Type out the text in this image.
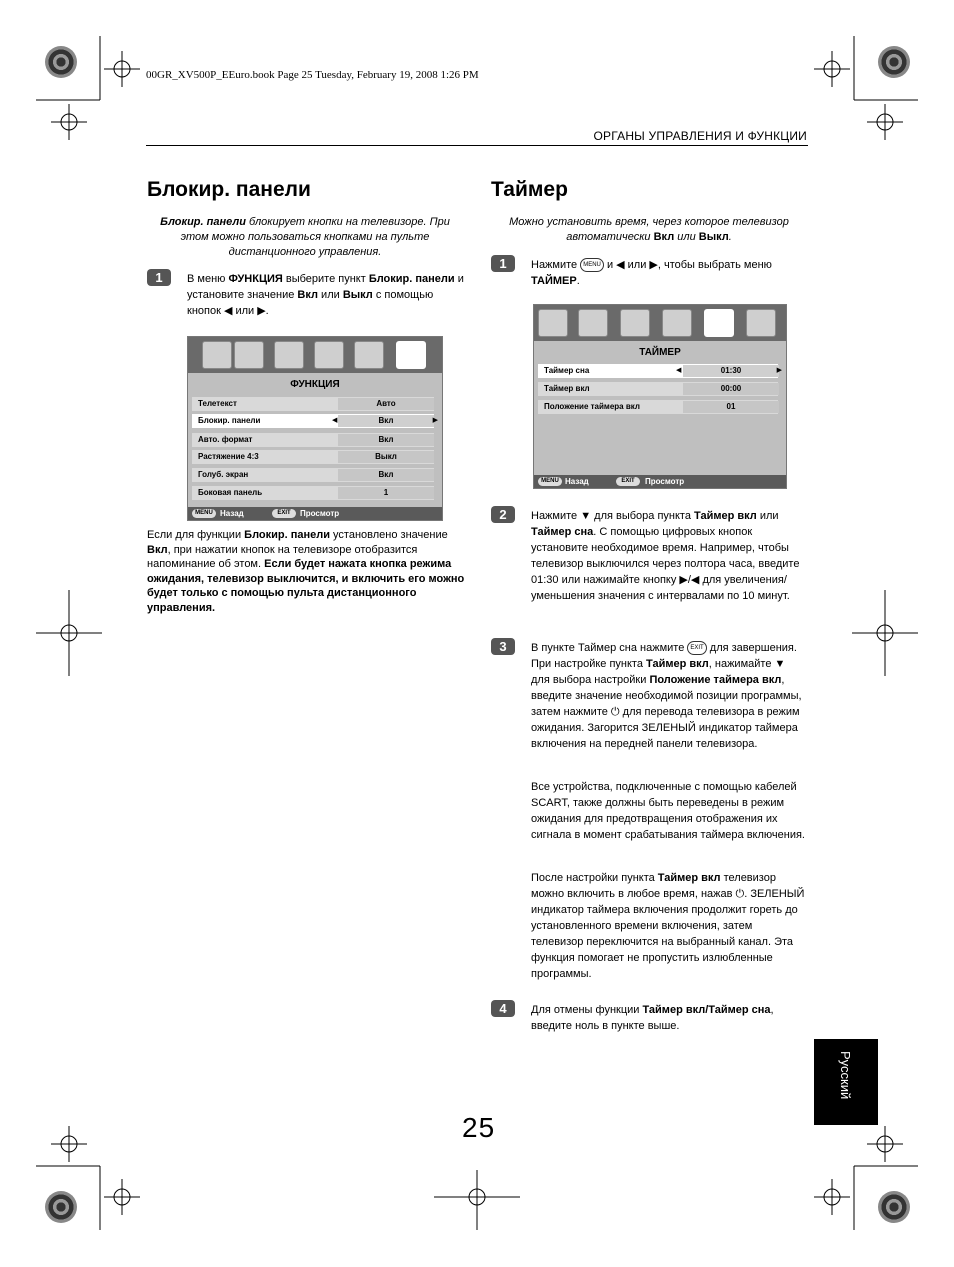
00GR_XV500P_EEuro.book Page 25 Tuesday, February 19, 2008 1:26 PM
ОРГАНЫ УПРАВЛЕНИЯ И ФУНКЦИИ
Блокир. панели
Блокир. панели блокирует кнопки на телевизоре. При этом можно пользоваться кнопками на пульте дистанционного управления.
1	В меню ФУНКЦИЯ выберите пункт Блокир. панели и установите значение Вкл или Выкл с помощью кнопок ◀ или ▶.
ФУНКЦИЯ
Телетекст	Авто
Блокир. панели	◀	Вкл	▶
Авто. формат	Вкл
Растяжение 4:3	Выкл
Голуб. экран	Вкл
Боковая панель	1
MENU Назад	EXIT	Просмотр
Если для функции Блокир. панели установлено значение Вкл, при нажатии кнопок на телевизоре отобразится напоминание об этом. Если будет нажата кнопка режима ожидания, телевизор выключится, и включить его можно будет только с помощью пульта дистанционного управления.
Таймер
Можно установить время, через которое телевизор автоматически Вкл или Выкл.
1	Нажмите MENU и ◀ или ▶, чтобы выбрать меню ТАЙМЕР.
ТАЙМЕР
Таймер сна	◀	01:30	▶
Таймер вкл	00:00
Положение таймера вкл	01
MENU Назад	EXIT	Просмотр
2	Нажмите ▼ для выбора пункта Таймер вкл или Таймер сна. С помощью цифровых кнопок установите необходимое время. Например, чтобы телевизор выключился через полтора часа, введите 01:30 или нажимайте кнопку ▶/◀ для увеличения/уменьшения значения с интервалами по 10 минут.
3	В пункте Таймер сна нажмите EXIT для завершения. При настройке пункта Таймер вкл, нажимайте ▼ для выбора настройки Положение таймера вкл, введите значение необходимой позиции программы, затем нажмите ⏻ для перевода телевизора в режим ожидания. Загорится ЗЕЛЕНЫЙ индикатор таймера включения на передней панели телевизора.
Все устройства, подключенные с помощью кабелей SCART, также должны быть переведены в режим ожидания для предотвращения отображения их сигнала в момент срабатывания таймера включения.
После настройки пункта Таймер вкл телевизор можно включить в любое время, нажав ⏻. ЗЕЛЕНЫЙ индикатор таймера включения продолжит гореть до установленного времени включения, затем телевизор переключится на выбранный канал. Эта функция помогает не пропустить излюбленные программы.
4	Для отмены функции Таймер вкл/Таймер сна, введите ноль в пункте выше.
Русский
25
